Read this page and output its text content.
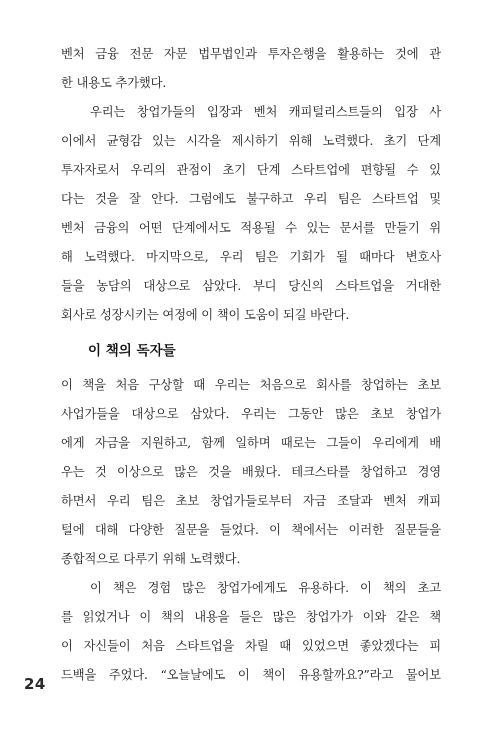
벤처 금융 전문 자문 법무법인과 투자은행을 활용하는 것에 관
한 내용도 추가했다.
우리는 창업가들의 입장과 벤처 캐피털리스트들의 입장 사
이에서 균형감 있는 시각을 제시하기 위해 노력했다. 초기 단계
투자자로서 우리의 관점이 초기 단계 스타트업에 편향될 수 있
다는 것을 잘 안다. 그럼에도 불구하고 우리 팀은 스타트업 및
벤처 금융의 어떤 단계에서도 적용될 수 있는 문서를 만들기 위
해 노력했다. 마지막으로, 우리 팀은 기회가 될 때마다 변호사
들을 농담의 대상으로 삼았다. 부디 당신의 스타트업을 거대한
회사로 성장시키는 여정에 이 책이 도움이 되길 바란다.
이 책의 독자들
이 책을 처음 구상할 때 우리는 처음으로 회사를 창업하는 초보
사업가들을 대상으로 삼았다. 우리는 그동안 많은 초보 창업가
에게 자금을 지원하고, 함께 일하며 때로는 그들이 우리에게 배
우는 것 이상으로 많은 것을 배웠다. 테크스타를 창업하고 경영
하면서 우리 팀은 초보 창업가들로부터 자금 조달과 벤처 캐피
털에 대해 다양한 질문을 들었다. 이 책에서는 이러한 질문들을
종합적으로 다루기 위해 노력했다.
이 책은 경험 많은 창업가에게도 유용하다. 이 책의 초고
를 읽었거나 이 책의 내용을 들은 많은 창업가가 이와 같은 책
이 자신들이 처음 스타트업을 차릴 때 있었으면 좋았겠다는 피
드백을 주었다. “오늘날에도 이 책이 유용할까요?”라고 물어보
24
